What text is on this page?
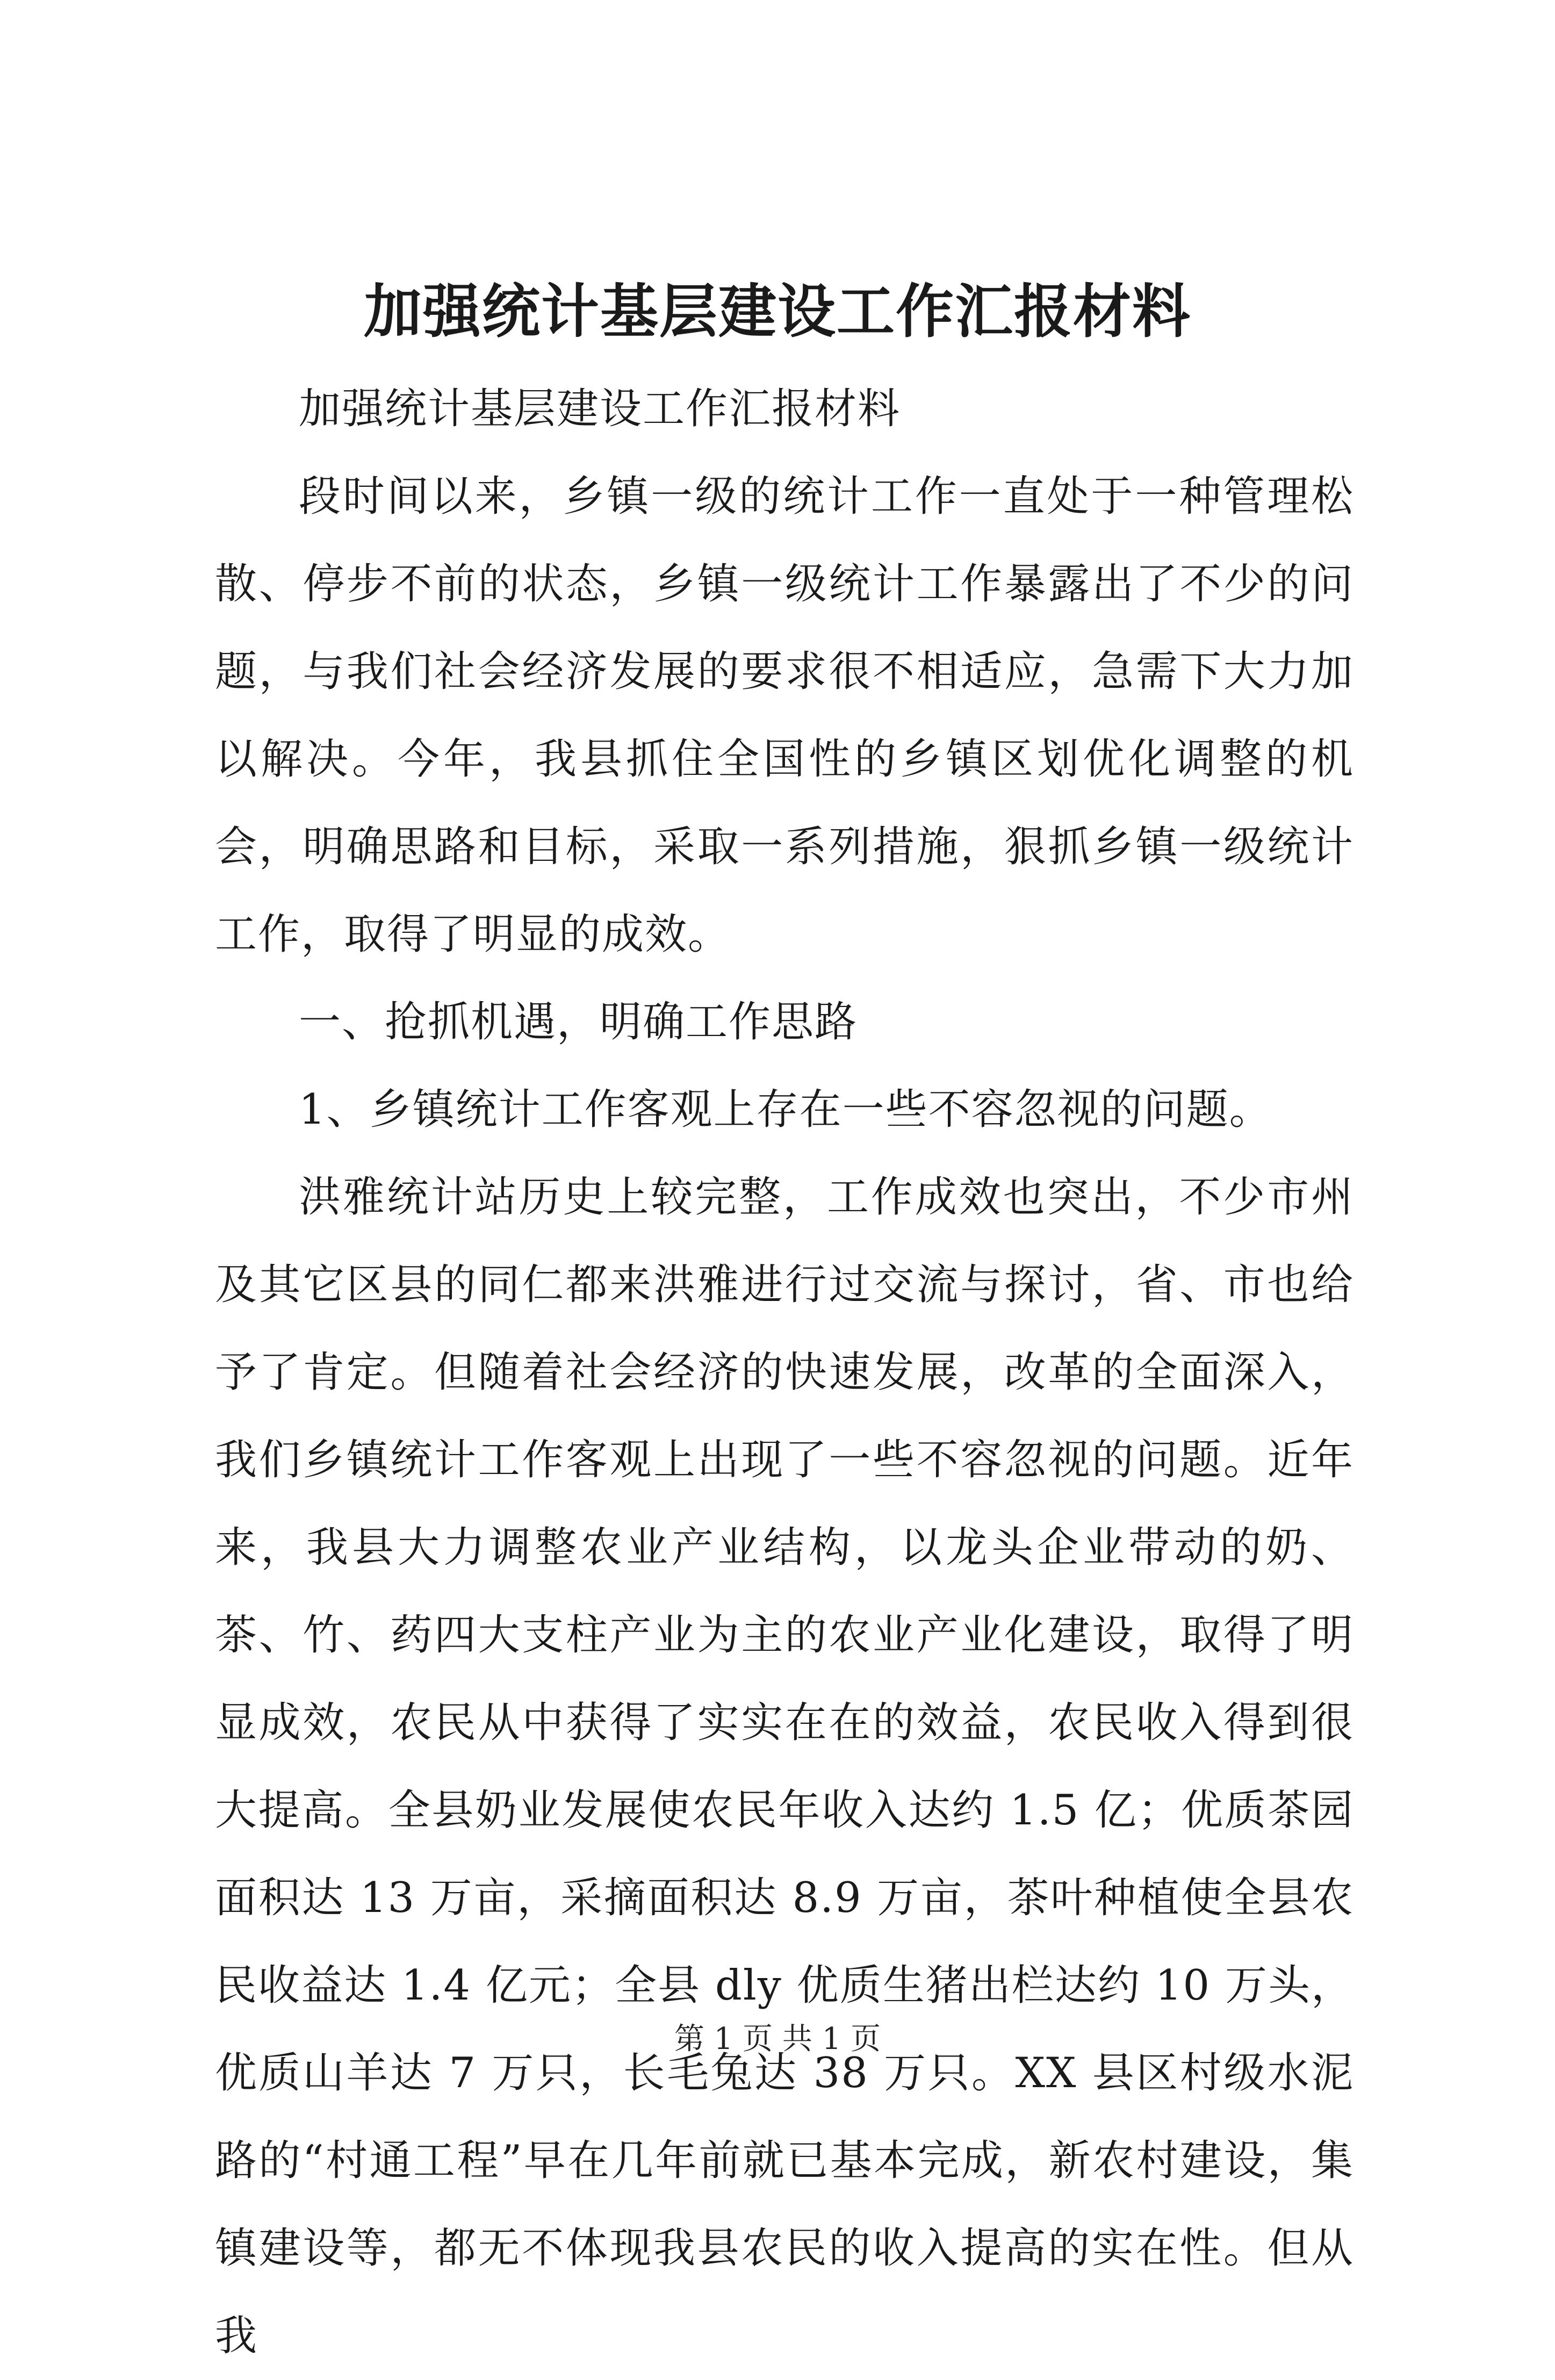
加强统计基层建设工作汇报材料

加强统计基层建设工作汇报材料

段时间以来，乡镇一级的统计工作一直处于一种管理松散、停步不前的状态，乡镇一级统计工作暴露出了不少的问题，与我们社会经济发展的要求很不相适应，急需下大力加以解决。今年，我县抓住全国性的乡镇区划优化调整的机会，明确思路和目标，采取一系列措施，狠抓乡镇一级统计工作，取得了明显的成效。

一、抢抓机遇，明确工作思路

1、乡镇统计工作客观上存在一些不容忽视的问题。

洪雅统计站历史上较完整，工作成效也突出，不少市州及其它区县的同仁都来洪雅进行过交流与探讨，省、市也给予了肯定。但随着社会经济的快速发展，改革的全面深入，我们乡镇统计工作客观上出现了一些不容忽视的问题。近年来，我县大力调整农业产业结构，以龙头企业带动的奶、茶、竹、药四大支柱产业为主的农业产业化建设，取得了明显成效，农民从中获得了实实在在的效益，农民收入得到很大提高。全县奶业发展使农民年收入达约 1.5 亿；优质茶园面积达 13 万亩，采摘面积达 8.9 万亩，茶叶种植使全县农民收益达 1.4 亿元；全县 dly 优质生猪出栏达约 10 万头，优质山羊达 7 万只，长毛兔达 38 万只。XX 县区村级水泥路的“村通工程”早在几年前就已基本完成，新农村建设，集镇建设等，都无不体现我县农民的收入提高的实在性。但从我

第 1 页 共 1 页
